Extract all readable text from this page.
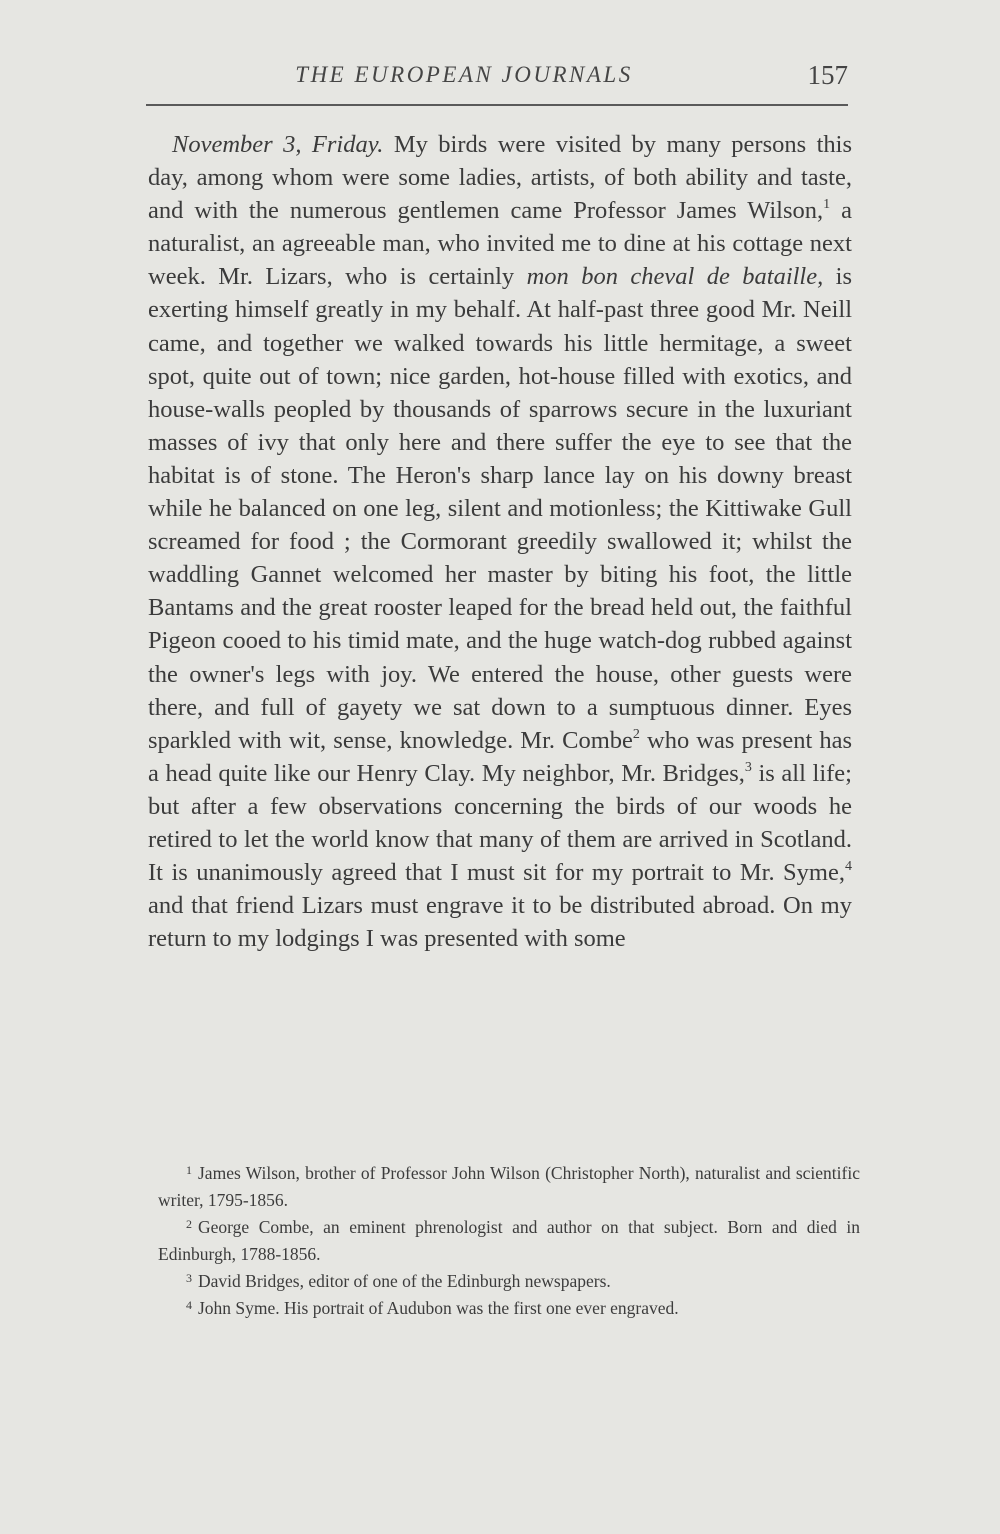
THE EUROPEAN JOURNALS	157

November 3, Friday. My birds were visited by many persons this day, among whom were some ladies, artists, of both ability and taste, and with the numerous gentlemen came Professor James Wilson,$^1$ a naturalist, an agreeable man, who invited me to dine at his cottage next week. Mr. Lizars, who is certainly mon bon cheval de bataille, is exerting himself greatly in my behalf. At half-past three good Mr. Neill came, and together we walked towards his little hermitage, a sweet spot, quite out of town; nice garden, hot-house filled with exotics, and house-walls peopled by thousands of sparrows secure in the luxuriant masses of ivy that only here and there suffer the eye to see that the habitat is of stone. The Heron's sharp lance lay on his downy breast while he balanced on one leg, silent and motionless; the Kittiwake Gull screamed for food ; the Cormorant greedily swallowed it; whilst the waddling Gannet welcomed her master by biting his foot, the little Bantams and the great rooster leaped for the bread held out, the faithful Pigeon cooed to his timid mate, and the huge watch-dog rubbed against the owner's legs with joy. We entered the house, other guests were there, and full of gayety we sat down to a sumptuous dinner. Eyes sparkled with wit, sense, knowledge. Mr. Combe$^2$ who was present has a head quite like our Henry Clay. My neighbor, Mr. Bridges,$^3$ is all life; but after a few observations concerning the birds of our woods he retired to let the world know that many of them are arrived in Scotland. It is unanimously agreed that I must sit for my portrait to Mr. Syme,$^4$ and that friend Lizars must engrave it to be distributed abroad. On my return to my lodgings I was presented with some

$^1$ James Wilson, brother of Professor John Wilson (Christopher North), naturalist and scientific writer, 1795-1856.

$^2$ George Combe, an eminent phrenologist and author on that subject. Born and died in Edinburgh, 1788-1856.

$^3$ David Bridges, editor of one of the Edinburgh newspapers.

$^4$ John Syme. His portrait of Audubon was the first one ever engraved.
